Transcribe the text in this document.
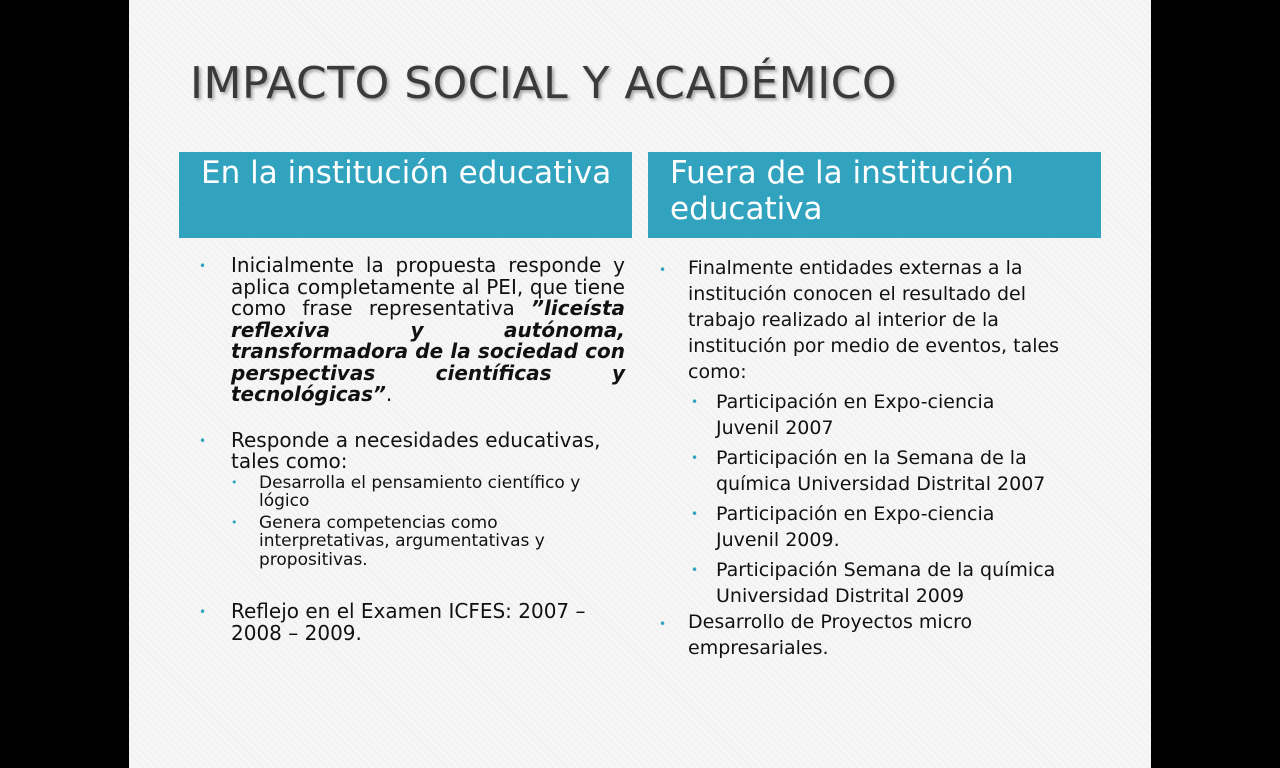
IMPACTO SOCIAL Y ACADÉMICO
En la institución educativa	Fuera de la institución educativa
• Inicialmente la propuesta responde y aplica completamente al PEI, que tiene como frase representativa ”liceísta reflexiva y autónoma, transformadora de la sociedad con perspectivas científicas y tecnológicas”.
• Responde a necesidades educativas, tales como:
• Desarrolla el pensamiento científico y lógico
• Genera competencias como interpretativas, argumentativas y propositivas.
• Reflejo en el Examen ICFES: 2007 – 2008 – 2009.
• Finalmente entidades externas a la institución conocen el resultado del trabajo realizado al interior de la institución por medio de eventos, tales como:
• Participación en Expo-ciencia Juvenil 2007
• Participación en la Semana de la química Universidad Distrital 2007
• Participación en Expo-ciencia Juvenil 2009.
• Participación Semana de la química Universidad Distrital 2009
• Desarrollo de Proyectos micro empresariales.
